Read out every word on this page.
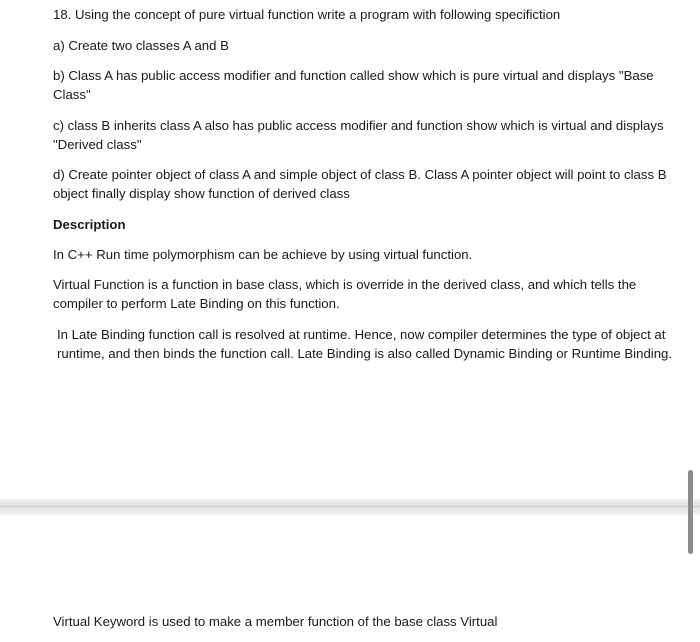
18. Using the concept of pure virtual function write a program with following specifiction

a) Create two classes A and B

b) Class A has public access modifier and function called show which is pure virtual and displays "Base Class"

c) class B inherits class A also has public access modifier and function show which is virtual and displays "Derived class"

d) Create pointer object of class A and simple object of class B. Class A pointer object will point to class B object finally display show function of derived class

Description

In C++ Run time polymorphism can be achieve by using virtual function.

Virtual Function is a function in base class, which is override in the derived class, and which tells the compiler to perform Late Binding on this function.

In Late Binding function call is resolved at runtime. Hence, now compiler determines the type of object at runtime, and then binds the function call. Late Binding is also called Dynamic Binding or Runtime Binding.

Virtual Keyword is used to make a member function of the base class Virtual
